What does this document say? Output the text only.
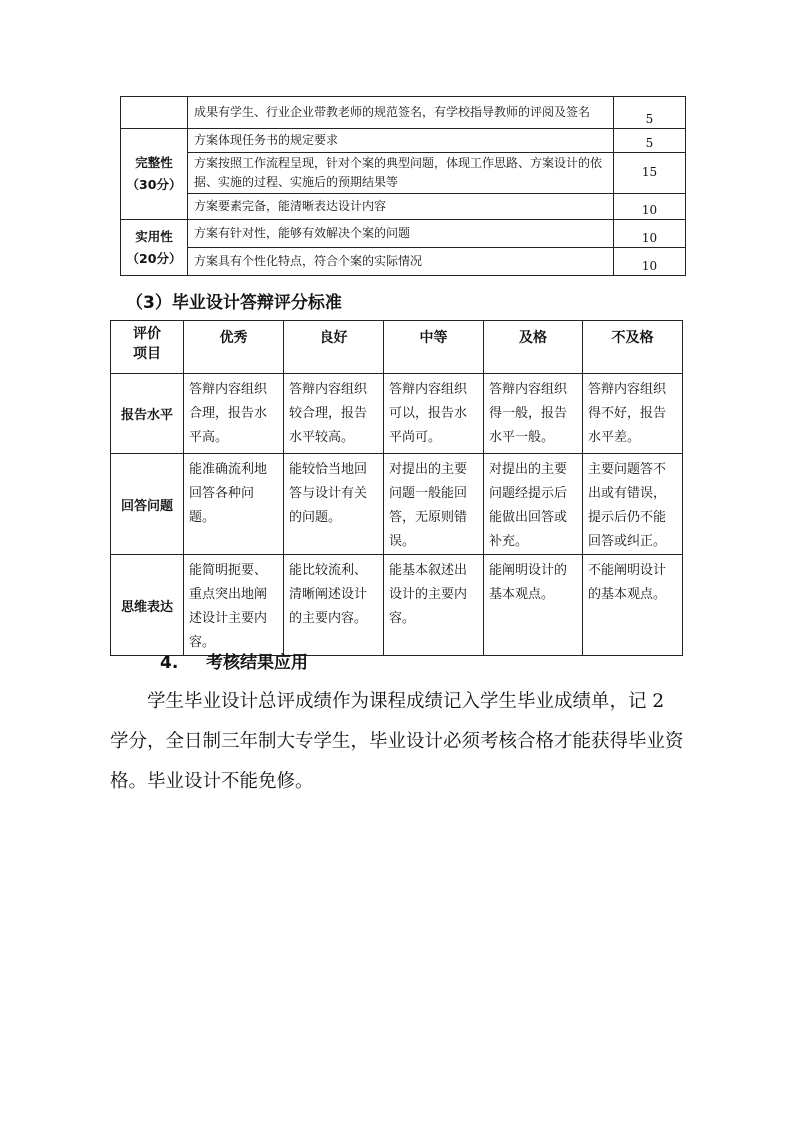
	成果有学生、行业企业带教老师的规范签名，有学校指导教师的评阅及签名	5
完整性
（30分）	方案体现任务书的规定要求	5
	方案按照工作流程呈现，针对个案的典型问题，体现工作思路、方案设计的依据、实施的过程、实施后的预期结果等	15
	方案要素完备，能清晰表达设计内容	10
实用性
（20分）	方案有针对性，能够有效解决个案的问题	10
	方案具有个性化特点，符合个案的实际情况	10
（3）毕业设计答辩评分标准
评价
项目	优秀	良好	中等	及格	不及格
报告水平	答辩内容组织合理，报告水平高。	答辩内容组织较合理，报告水平较高。	答辩内容组织可以，报告水平尚可。	答辩内容组织得一般，报告水平一般。	答辩内容组织得不好，报告水平差。
回答问题	能准确流利地回答各种问题。	能较恰当地回答与设计有关的问题。	对提出的主要问题一般能回答，无原则错误。	对提出的主要问题经提示后能做出回答或补充。	主要问题答不出或有错误，提示后仍不能回答或纠正。
思维表达	能简明扼要、重点突出地阐述设计主要内容。	能比较流利、清晰阐述设计的主要内容。	能基本叙述出设计的主要内容。	能阐明设计的基本观点。	不能阐明设计的基本观点。
4. 考核结果应用

学生毕业设计总评成绩作为课程成绩记入学生毕业成绩单，记 2 学分，全日制三年制大专学生，毕业设计必须考核合格才能获得毕业资格。毕业设计不能免修。
